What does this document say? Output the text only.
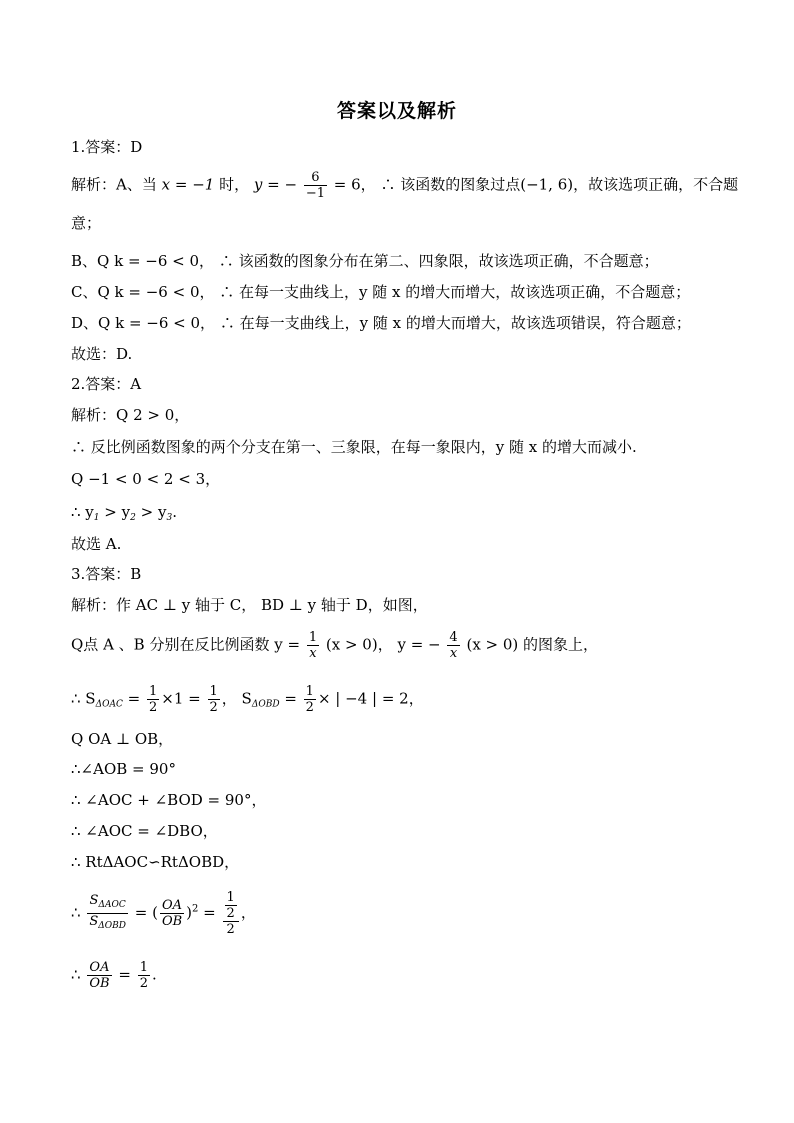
答案以及解析
1.答案：D
解析：A、当 x = −1 时， y = − $\frac{6}{-1} = 6$， ∴ 该函数的图象过点(−1, 6)，故该选项正确，不合题
意；
B、Q k = −6 < 0， ∴ 该函数的图象分布在第二、四象限，故该选项正确，不合题意；
C、Q k = −6 < 0， ∴ 在每一支曲线上，y 随 x 的增大而增大，故该选项正确，不合题意；
D、Q k = −6 < 0， ∴ 在每一支曲线上，y 随 x 的增大而增大，故该选项错误，符合题意；
故选：D.
2.答案：A
解析：Q 2 > 0，
∴ 反比例函数图象的两个分支在第一、三象限，在每一象限内，y 随 x 的增大而减小.
Q −1 < 0 < 2 < 3，
∴ $y_1 > y_2 > y_3$.
故选 A.
3.答案：B
解析：作 AC ⊥ y 轴于 C， BD ⊥ y 轴于 D，如图，
Q点 A 、B 分别在反比例函数 $y = \frac{1}{x} (x > 0)$， y = − $\frac{4}{x} (x > 0)$ 的图象上，
∴ $S_{\Delta OAC} = \frac{1}{2} \times 1 = \frac{1}{2}$ ， $S_{\Delta OBD} = \frac{1}{2}$ × | −4 | = 2，
Q OA ⊥ OB，
∴∠AOB = 90°
∴ ∠AOC + ∠BOD = 90°，
∴ ∠AOC = ∠DBO，
∴ RtΔAOC∽RtΔOBD，
∴ $\frac{S_{\Delta AOC}}{S_{\Delta OBD}}$ = ( $\frac{OA}{OB} )^2 = \frac{\frac{1}{2}}{2}$ ，
∴ $\frac{OA}{OB} = \frac{1}{2}$ .
